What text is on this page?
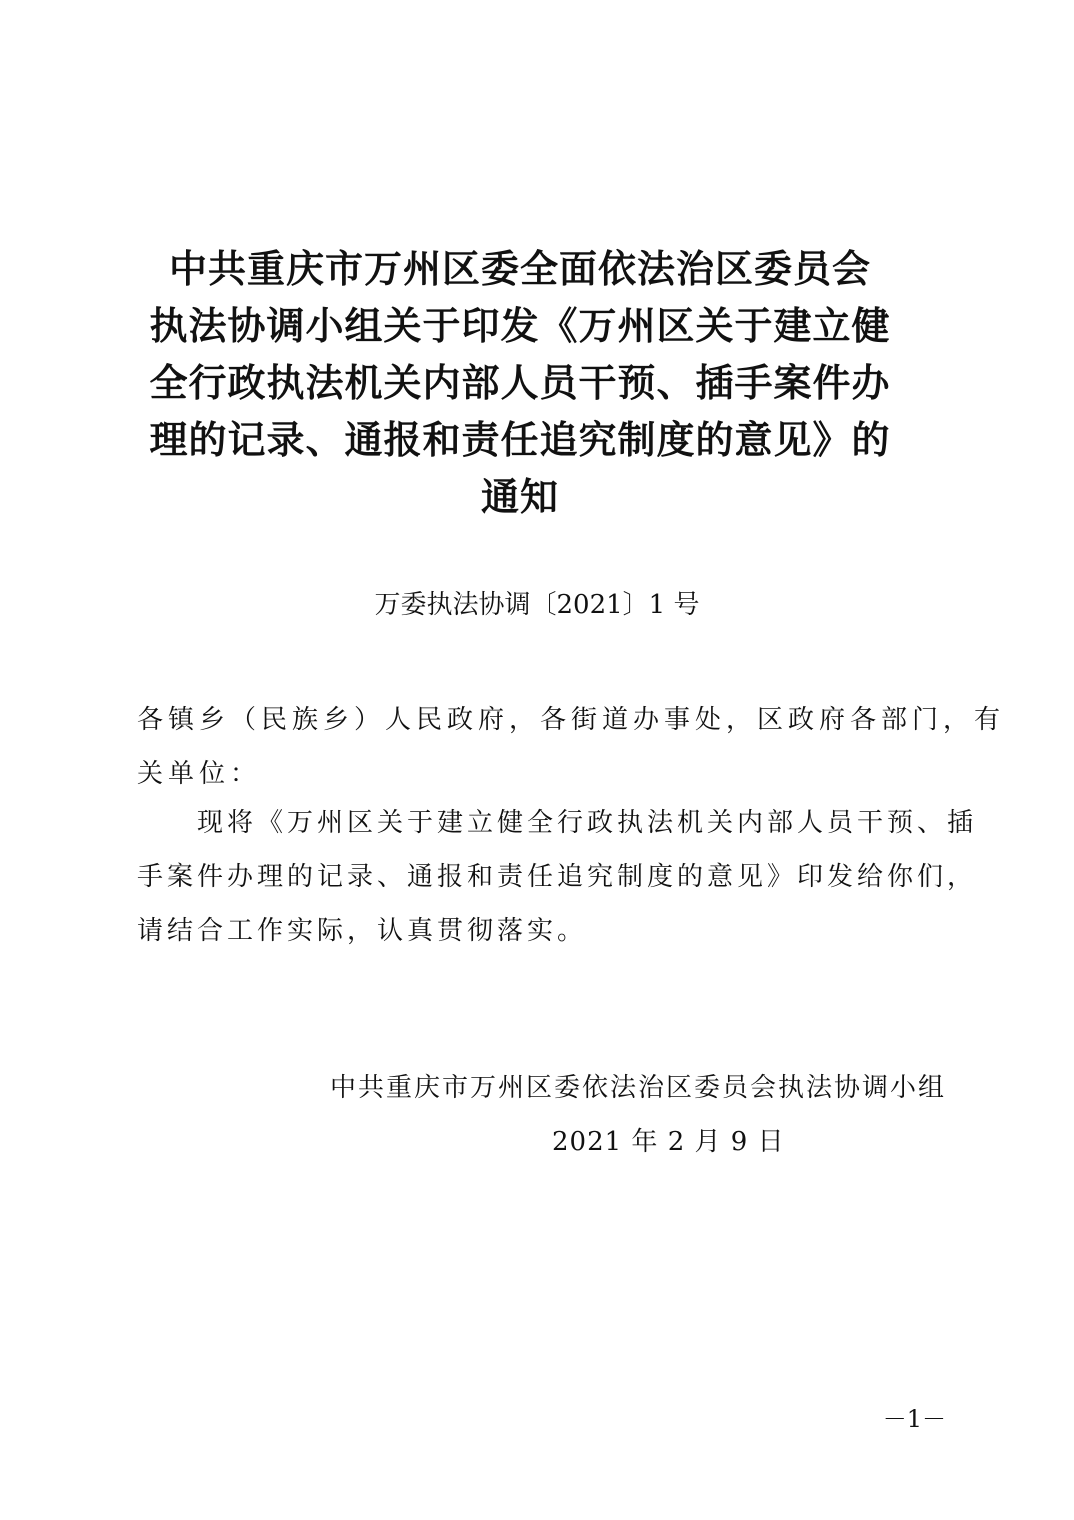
中共重庆市万州区委全面依法治区委员会
执法协调小组关于印发《万州区关于建立健
全行政执法机关内部人员干预、插手案件办
理的记录、通报和责任追究制度的意见》的
通知
万委执法协调〔2021〕1 号
各镇乡（民族乡）人民政府，各街道办事处，区政府各部门，有
关单位：
现将《万州区关于建立健全行政执法机关内部人员干预、插
手案件办理的记录、通报和责任追究制度的意见》印发给你们，
请结合工作实际，认真贯彻落实。
中共重庆市万州区委依法治区委员会执法协调小组
2021 年 2 月 9 日
－1－
